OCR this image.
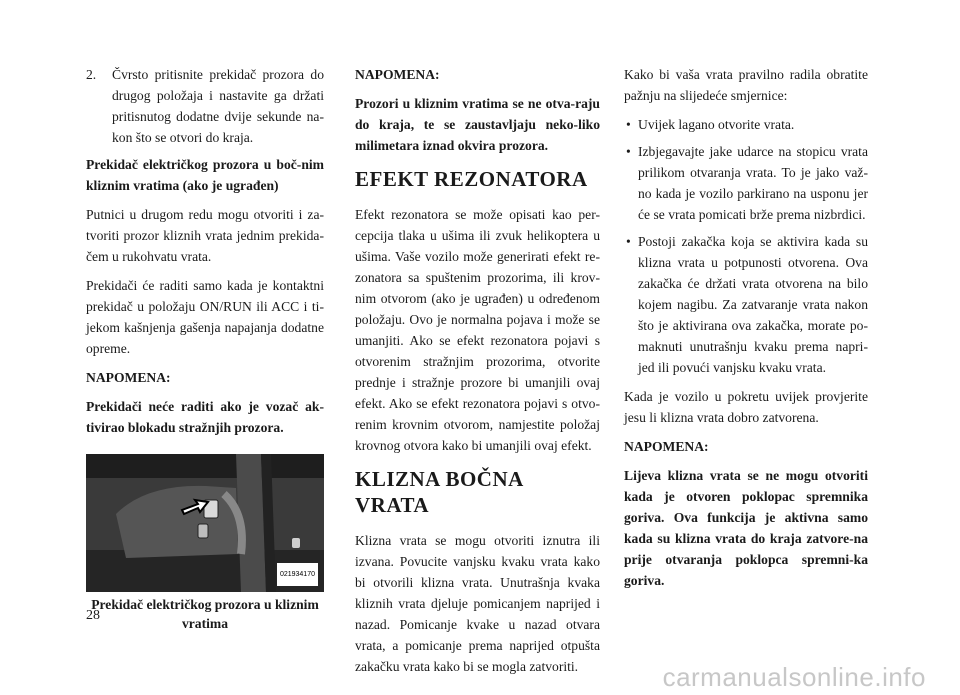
2.	Čvrsto pritisnite prekidač prozora do drugog položaja i nastavite ga držati pritisnutog dodatne dvije sekunde na-kon što se otvori do kraja.

Prekidač električkog prozora u boč-nim kliznim vratima (ako je ugrađen)

Putnici u drugom redu mogu otvoriti i za-tvoriti prozor kliznih vrata jednim prekida-čem u rukohvatu vrata.

Prekidači će raditi samo kada je kontaktni prekidač u položaju ON/RUN ili ACC i ti-jekom kašnjenja gašenja napajanja dodatne opreme.

NAPOMENA:

Prekidači neće raditi ako je vozač ak-tivirao blokadu stražnjih prozora.

021934170
Prekidač električkog prozora u kliznim vratima

NAPOMENA:

Prozori u kliznim vratima se ne otva-raju do kraja, te se zaustavljaju neko-liko milimetara iznad okvira prozora.

EFEKT REZONATORA

Efekt rezonatora se može opisati kao per-cepcija tlaka u ušima ili zvuk helikoptera u ušima. Vaše vozilo može generirati efekt re-zonatora sa spuštenim prozorima, ili krov-nim otvorom (ako je ugrađen) u određenom položaju. Ovo je normalna pojava i može se umanjiti. Ako se efekt rezonatora pojavi s otvorenim stražnjim prozorima, otvorite prednje i stražnje prozore bi umanjili ovaj efekt. Ako se efekt rezonatora pojavi s otvo-renim krovnim otvorom, namjestite položaj krovnog otvora kako bi umanjili ovaj efekt.

KLIZNA BOČNA VRATA

Klizna vrata se mogu otvoriti iznutra ili izvana. Povucite vanjsku kvaku vrata kako bi otvorili klizna vrata. Unutrašnja kvaka kliznih vrata djeluje pomicanjem naprijed i nazad. Pomicanje kvake u nazad otvara vrata, a pomicanje prema naprijed otpušta zakačku vrata kako bi se mogla zatvoriti.

Kako bi vaša vrata pravilno radila obratite pažnju na slijedeće smjernice:

• Uvijek lagano otvorite vrata.
• Izbjegavajte jake udarce na stopicu vrata prilikom otvaranja vrata. To je jako važ-no kada je vozilo parkirano na usponu jer će se vrata pomicati brže prema nizbrdici.
• Postoji zakačka koja se aktivira kada su klizna vrata u potpunosti otvorena. Ova zakačka će držati vrata otvorena na bilo kojem nagibu. Za zatvaranje vrata nakon što je aktivirana ova zakačka, morate po-maknuti unutrašnju kvaku prema napri-jed ili povući vanjsku kvaku vrata.

Kada je vozilo u pokretu uvijek provjerite jesu li klizna vrata dobro zatvorena.

NAPOMENA:

Lijeva klizna vrata se ne mogu otvoriti kada je otvoren poklopac spremnika goriva. Ova funkcija je aktivna samo kada su klizna vrata do kraja zatvore-na prije otvaranja poklopca spremni-ka goriva.

28
carmanualsonline.info
